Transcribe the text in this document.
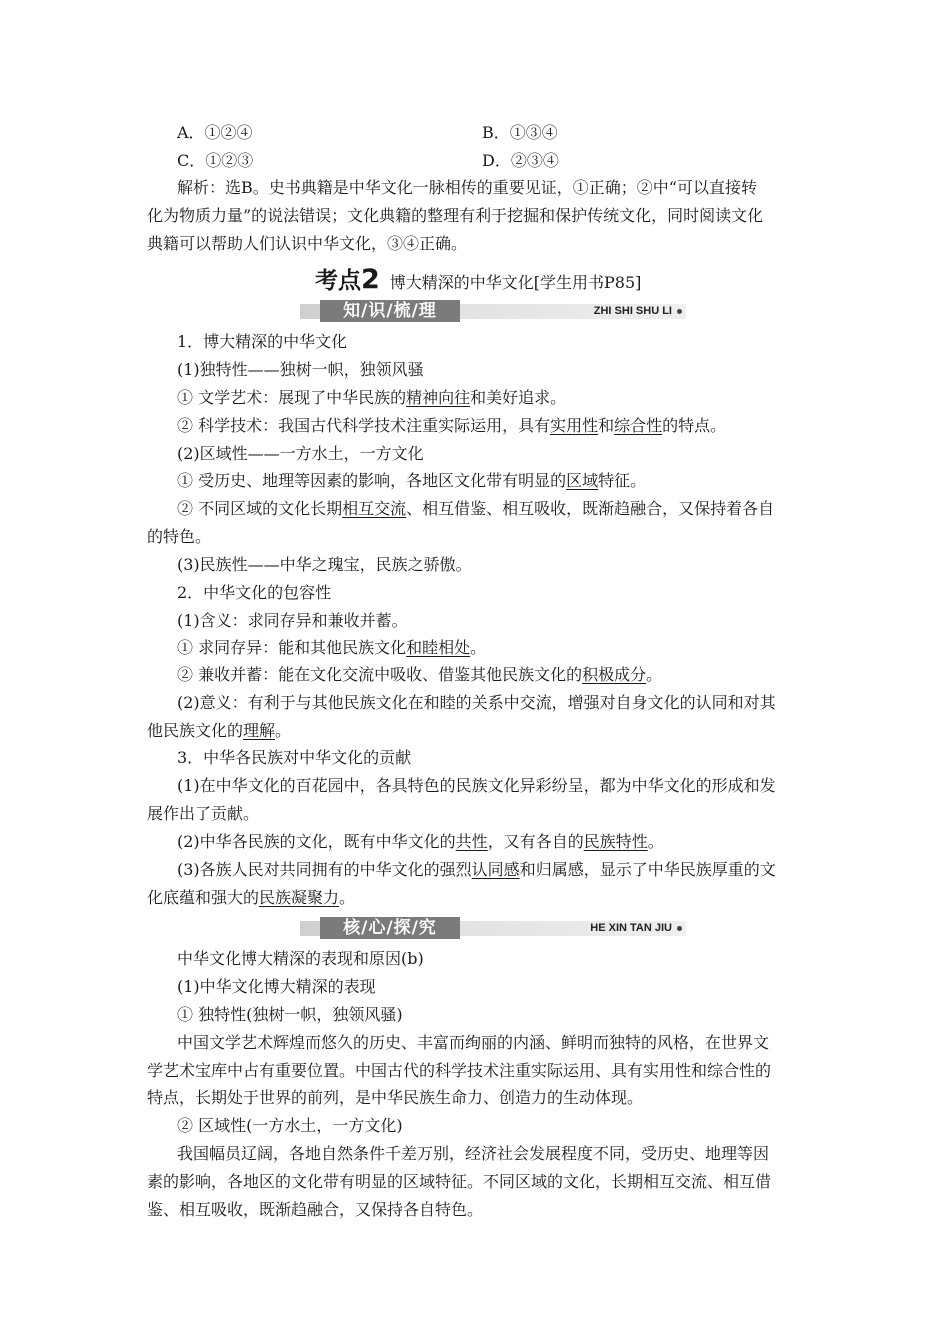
A．①②④	B．①③④
C．①②③	D．②③④
解析：选B。史书典籍是中华文化一脉相传的重要见证，①正确；②中“可以直接转
化为物质力量”的说法错误；文化典籍的整理有利于挖掘和保护传统文化，同时阅读文化
典籍可以帮助人们认识中华文化，③④正确。
考点2 博大精深的中华文化[学生用书P85]
知/识/梳/理	ZHI SHI SHU LI
1．博大精深的中华文化
(1)独特性——独树一帜，独领风骚
① 文学艺术：展现了中华民族的精神向往和美好追求。
② 科学技术：我国古代科学技术注重实际运用，具有实用性和综合性的特点。
(2)区域性——一方水土，一方文化
① 受历史、地理等因素的影响，各地区文化带有明显的区域特征。
② 不同区域的文化长期相互交流、相互借鉴、相互吸收，既渐趋融合，又保持着各自
的特色。
(3)民族性——中华之瑰宝，民族之骄傲。
2．中华文化的包容性
(1)含义：求同存异和兼收并蓄。
① 求同存异：能和其他民族文化和睦相处。
② 兼收并蓄：能在文化交流中吸收、借鉴其他民族文化的积极成分。
(2)意义：有利于与其他民族文化在和睦的关系中交流，增强对自身文化的认同和对其
他民族文化的理解。
3．中华各民族对中华文化的贡献
(1)在中华文化的百花园中，各具特色的民族文化异彩纷呈，都为中华文化的形成和发
展作出了贡献。
(2)中华各民族的文化，既有中华文化的共性，又有各自的民族特性。
(3)各族人民对共同拥有的中华文化的强烈认同感和归属感，显示了中华民族厚重的文
化底蕴和强大的民族凝聚力。
核/心/探/究	HE XIN TAN JIU
中华文化博大精深的表现和原因(b)
(1)中华文化博大精深的表现
① 独特性(独树一帜，独领风骚)
中国文学艺术辉煌而悠久的历史、丰富而绚丽的内涵、鲜明而独特的风格，在世界文
学艺术宝库中占有重要位置。中国古代的科学技术注重实际运用、具有实用性和综合性的
特点，长期处于世界的前列，是中华民族生命力、创造力的生动体现。
② 区域性(一方水土，一方文化)
我国幅员辽阔，各地自然条件千差万别，经济社会发展程度不同，受历史、地理等因
素的影响，各地区的文化带有明显的区域特征。不同区域的文化，长期相互交流、相互借
鉴、相互吸收，既渐趋融合，又保持各自特色。
